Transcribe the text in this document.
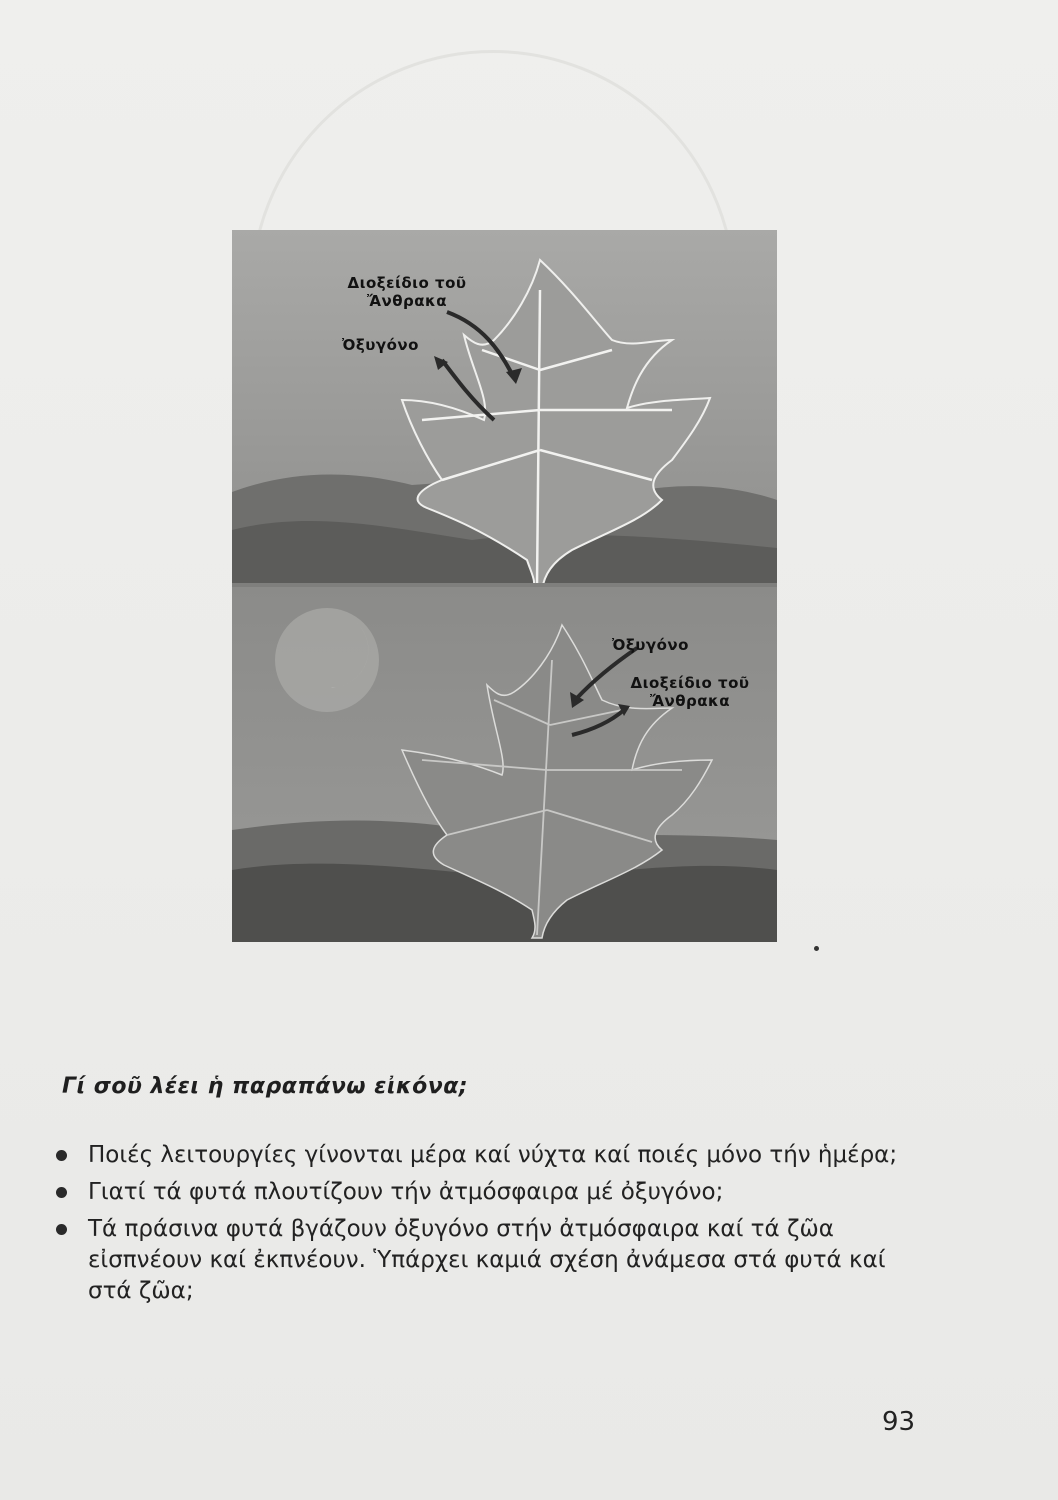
Διοξείδιο τοῦ Ἄνθρακα
Ὀξυγόνο
Ὀξυγόνο
Διοξείδιο τοῦ Ἄνθρακα
Γί σοῦ λέει ἡ παραπάνω εἰκόνα;
Ποιές λειτουργίες γίνονται μέρα καί νύχτα καί ποιές μόνο τήν ἡμέρα;
Γιατί τά φυτά πλουτίζουν τήν ἀτμόσφαιρα μέ ὀξυγόνο;
Τά πράσινα φυτά βγάζουν ὀξυγόνο στήν ἀτμόσφαιρα καί τά ζῶα εἰσπνέουν καί ἐκπνέουν. Ὑπάρχει καμιά σχέση ἀνάμεσα στά φυτά καί στά ζῶα;
93
